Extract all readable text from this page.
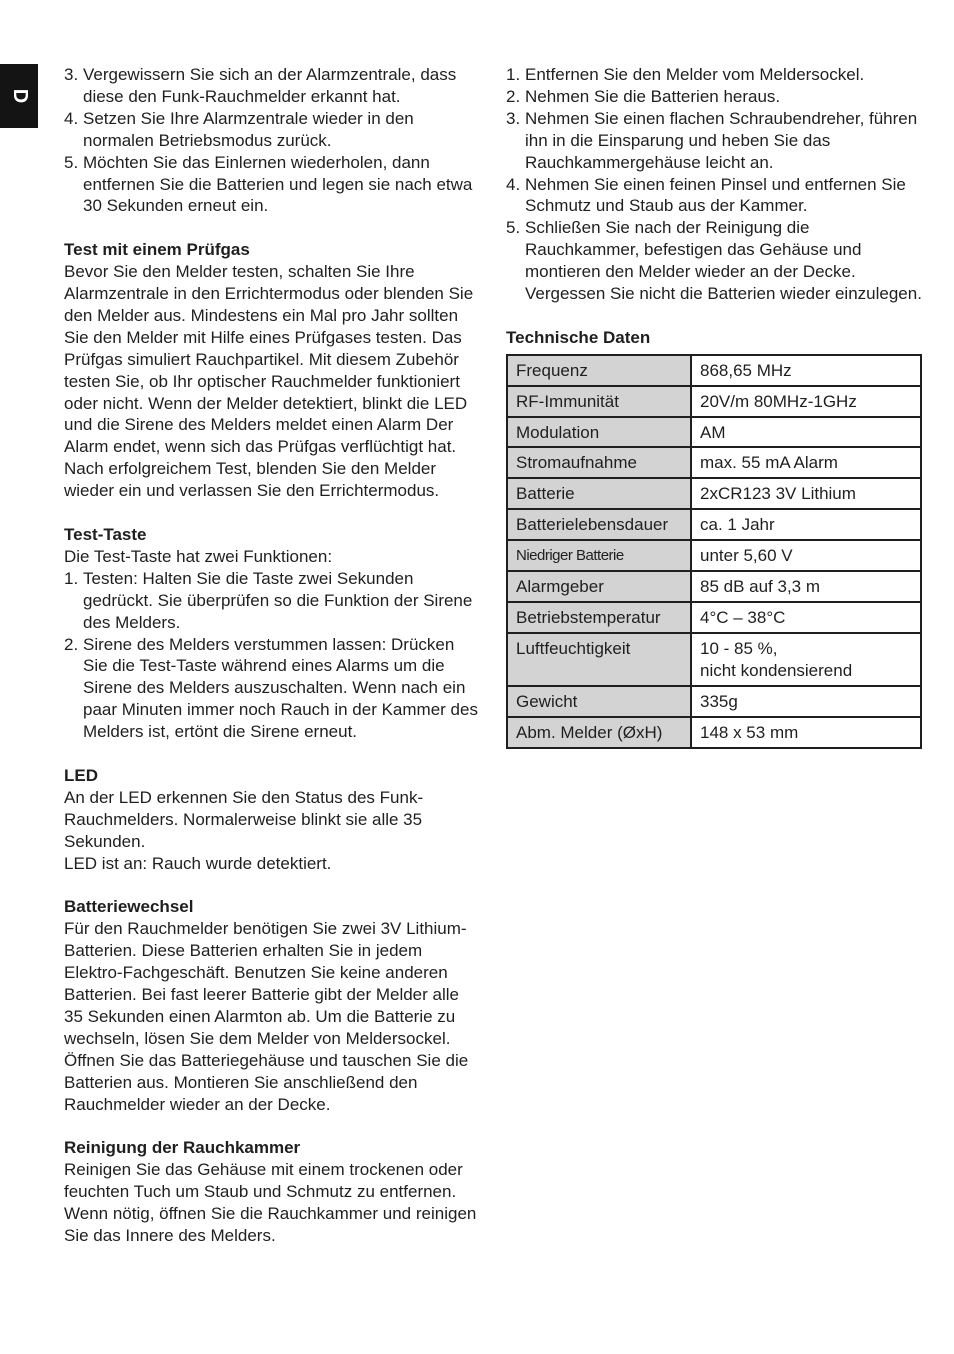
D
3. Vergewissern Sie sich an der Alarmzentrale, dass diese den Funk-Rauchmelder erkannt hat.
4. Setzen Sie Ihre Alarmzentrale wieder in den normalen Betriebsmodus zurück.
5. Möchten Sie das Einlernen wiederholen, dann entfernen Sie die Batterien und legen sie nach etwa 30 Sekunden erneut ein.

Test mit einem Prüfgas

Bevor Sie den Melder testen, schalten Sie Ihre Alarmzentrale in den Errichtermodus oder blenden Sie den Melder aus. Mindestens ein Mal pro Jahr sollten Sie den Melder mit Hilfe eines Prüfgases testen. Das Prüfgas simuliert Rauchpartikel. Mit diesem Zubehör testen Sie, ob Ihr optischer Rauchmelder funktioniert oder nicht. Wenn der Melder detektiert, blinkt die LED und die Sirene des Melders meldet einen Alarm Der Alarm endet, wenn sich das Prüfgas verflüchtigt hat. Nach erfolgreichem Test, blenden Sie den Melder wieder ein und verlassen Sie den Errichtermodus.

Test-Taste

Die Test-Taste hat zwei Funktionen:

1. Testen: Halten Sie die Taste zwei Sekunden gedrückt. Sie überprüfen so die Funktion der Sirene des Melders.
2. Sirene des Melders verstummen lassen: Drücken Sie die Test-Taste während eines Alarms um die Sirene des Melders auszuschalten. Wenn nach ein paar Minuten immer noch Rauch in der Kammer des Melders ist, ertönt die Sirene erneut.

LED

An der LED erkennen Sie den Status des Funk-Rauchmelders. Normalerweise blinkt sie alle 35 Sekunden.

LED ist an: Rauch wurde detektiert.

Batteriewechsel

Für den Rauchmelder benötigen Sie zwei 3V Lithium-Batterien. Diese Batterien erhalten Sie in jedem Elektro-Fachgeschäft. Benutzen Sie keine anderen Batterien. Bei fast leerer Batterie gibt der Melder alle 35 Sekunden einen Alarmton ab. Um die Batterie zu wechseln, lösen Sie dem Melder von Meldersockel. Öffnen Sie das Batteriegehäuse und tauschen Sie die Batterien aus. Montieren Sie anschließend den Rauchmelder wieder an der Decke.

Reinigung der Rauchkammer

Reinigen Sie das Gehäuse mit einem trockenen oder feuchten Tuch um Staub und Schmutz zu entfernen. Wenn nötig, öffnen Sie die Rauchkammer und reinigen Sie das Innere des Melders.

1. Entfernen Sie den Melder vom Meldersockel.
2. Nehmen Sie die Batterien heraus.
3. Nehmen Sie einen flachen Schraubendreher, führen ihn in die Einsparung und heben Sie das Rauchkammergehäuse leicht an.
4. Nehmen Sie einen feinen Pinsel und entfernen Sie Schmutz und Staub aus der Kammer.
5. Schließen Sie nach der Reinigung die Rauchkammer, befestigen das Gehäuse und montieren den Melder wieder an der Decke. Vergessen Sie nicht die Batterien wieder einzulegen.

Technische Daten

Frequenz	868,65 MHz
RF-Immunität	20V/m 80MHz-1GHz
Modulation	AM
Stromaufnahme	max. 55 mA Alarm
Batterie	2xCR123 3V Lithium
Batterielebensdauer	ca. 1 Jahr
Niedriger Batterie	unter 5,60 V
Alarmgeber	85 dB auf 3,3 m
Betriebstemperatur	4°C – 38°C
Luftfeuchtigkeit	10 - 85 %,
nicht kondensierend

Gewicht	335g
Abm. Melder (ØxH)	148 x 53 mm
